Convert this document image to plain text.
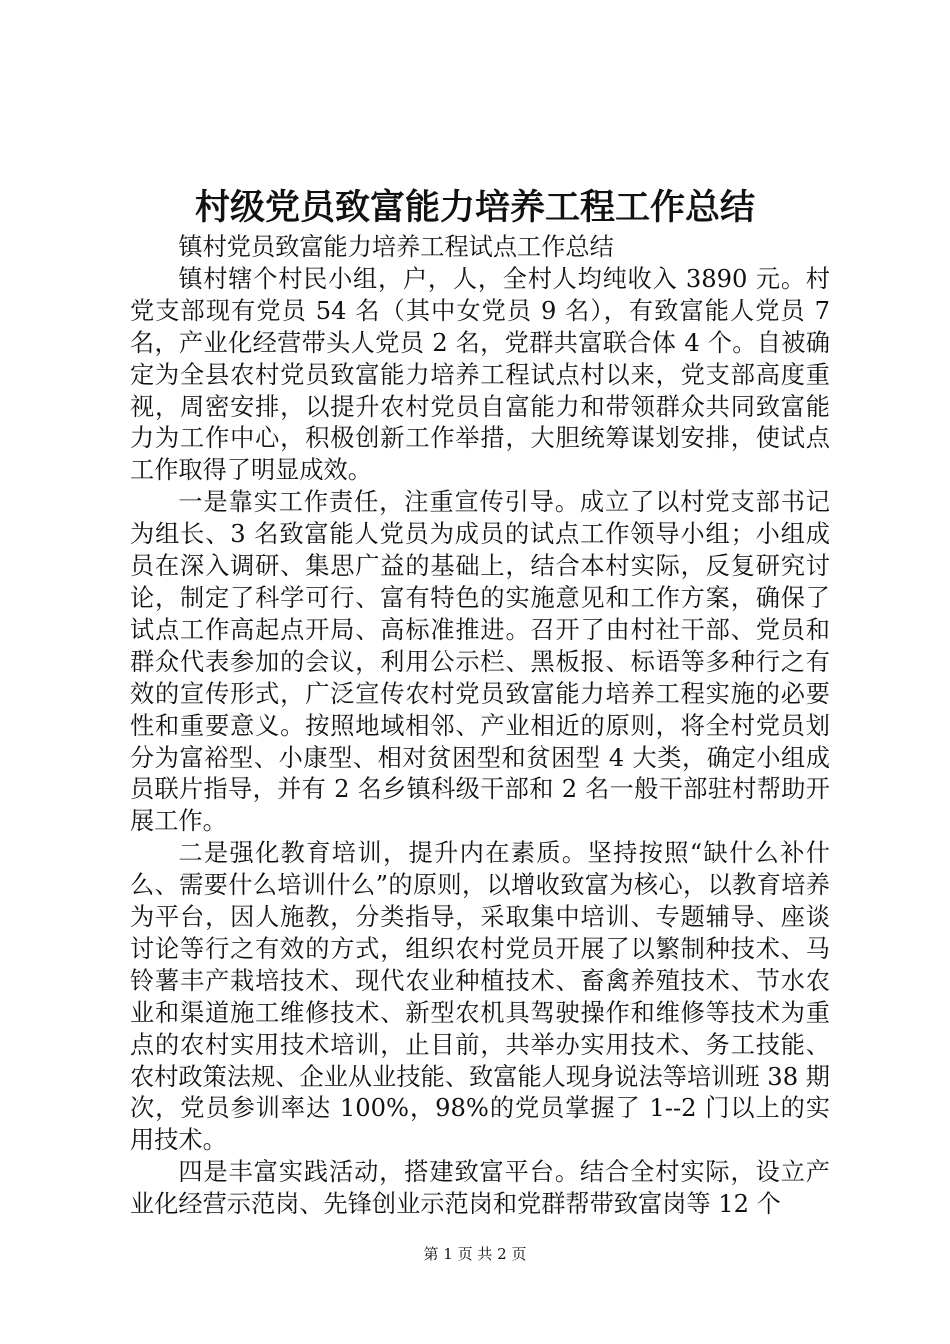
村级党员致富能力培养工程工作总结

镇村党员致富能力培养工程试点工作总结

镇村辖个村民小组，户，人，全村人均纯收入 3890 元。村党支部现有党员 54 名（其中女党员 9 名），有致富能人党员 7 名，产业化经营带头人党员 2 名，党群共富联合体 4 个。自被确定为全县农村党员致富能力培养工程试点村以来，党支部高度重视，周密安排，以提升农村党员自富能力和带领群众共同致富能力为工作中心，积极创新工作举措，大胆统筹谋划安排，使试点工作取得了明显成效。

一是靠实工作责任，注重宣传引导。成立了以村党支部书记为组长、3 名致富能人党员为成员的试点工作领导小组；小组成员在深入调研、集思广益的基础上，结合本村实际，反复研究讨论，制定了科学可行、富有特色的实施意见和工作方案，确保了试点工作高起点开局、高标准推进。召开了由村社干部、党员和群众代表参加的会议，利用公示栏、黑板报、标语等多种行之有效的宣传形式，广泛宣传农村党员致富能力培养工程实施的必要性和重要意义。按照地域相邻、产业相近的原则，将全村党员划分为富裕型、小康型、相对贫困型和贫困型 4 大类，确定小组成员联片指导，并有 2 名乡镇科级干部和 2 名一般干部驻村帮助开展工作。

二是强化教育培训，提升内在素质。坚持按照“缺什么补什么、需要什么培训什么”的原则，以增收致富为核心，以教育培养为平台，因人施教，分类指导，采取集中培训、专题辅导、座谈讨论等行之有效的方式，组织农村党员开展了以繁制种技术、马铃薯丰产栽培技术、现代农业种植技术、畜禽养殖技术、节水农业和渠道施工维修技术、新型农机具驾驶操作和维修等技术为重点的农村实用技术培训，止目前，共举办实用技术、务工技能、农村政策法规、企业从业技能、致富能人现身说法等培训班 38 期次，党员参训率达 100%，98%的党员掌握了 1--2 门以上的实用技术。

四是丰富实践活动，搭建致富平台。结合全村实际，设立产业化经营示范岗、先锋创业示范岗和党群帮带致富岗等 12 个

第 1 页 共 2 页
